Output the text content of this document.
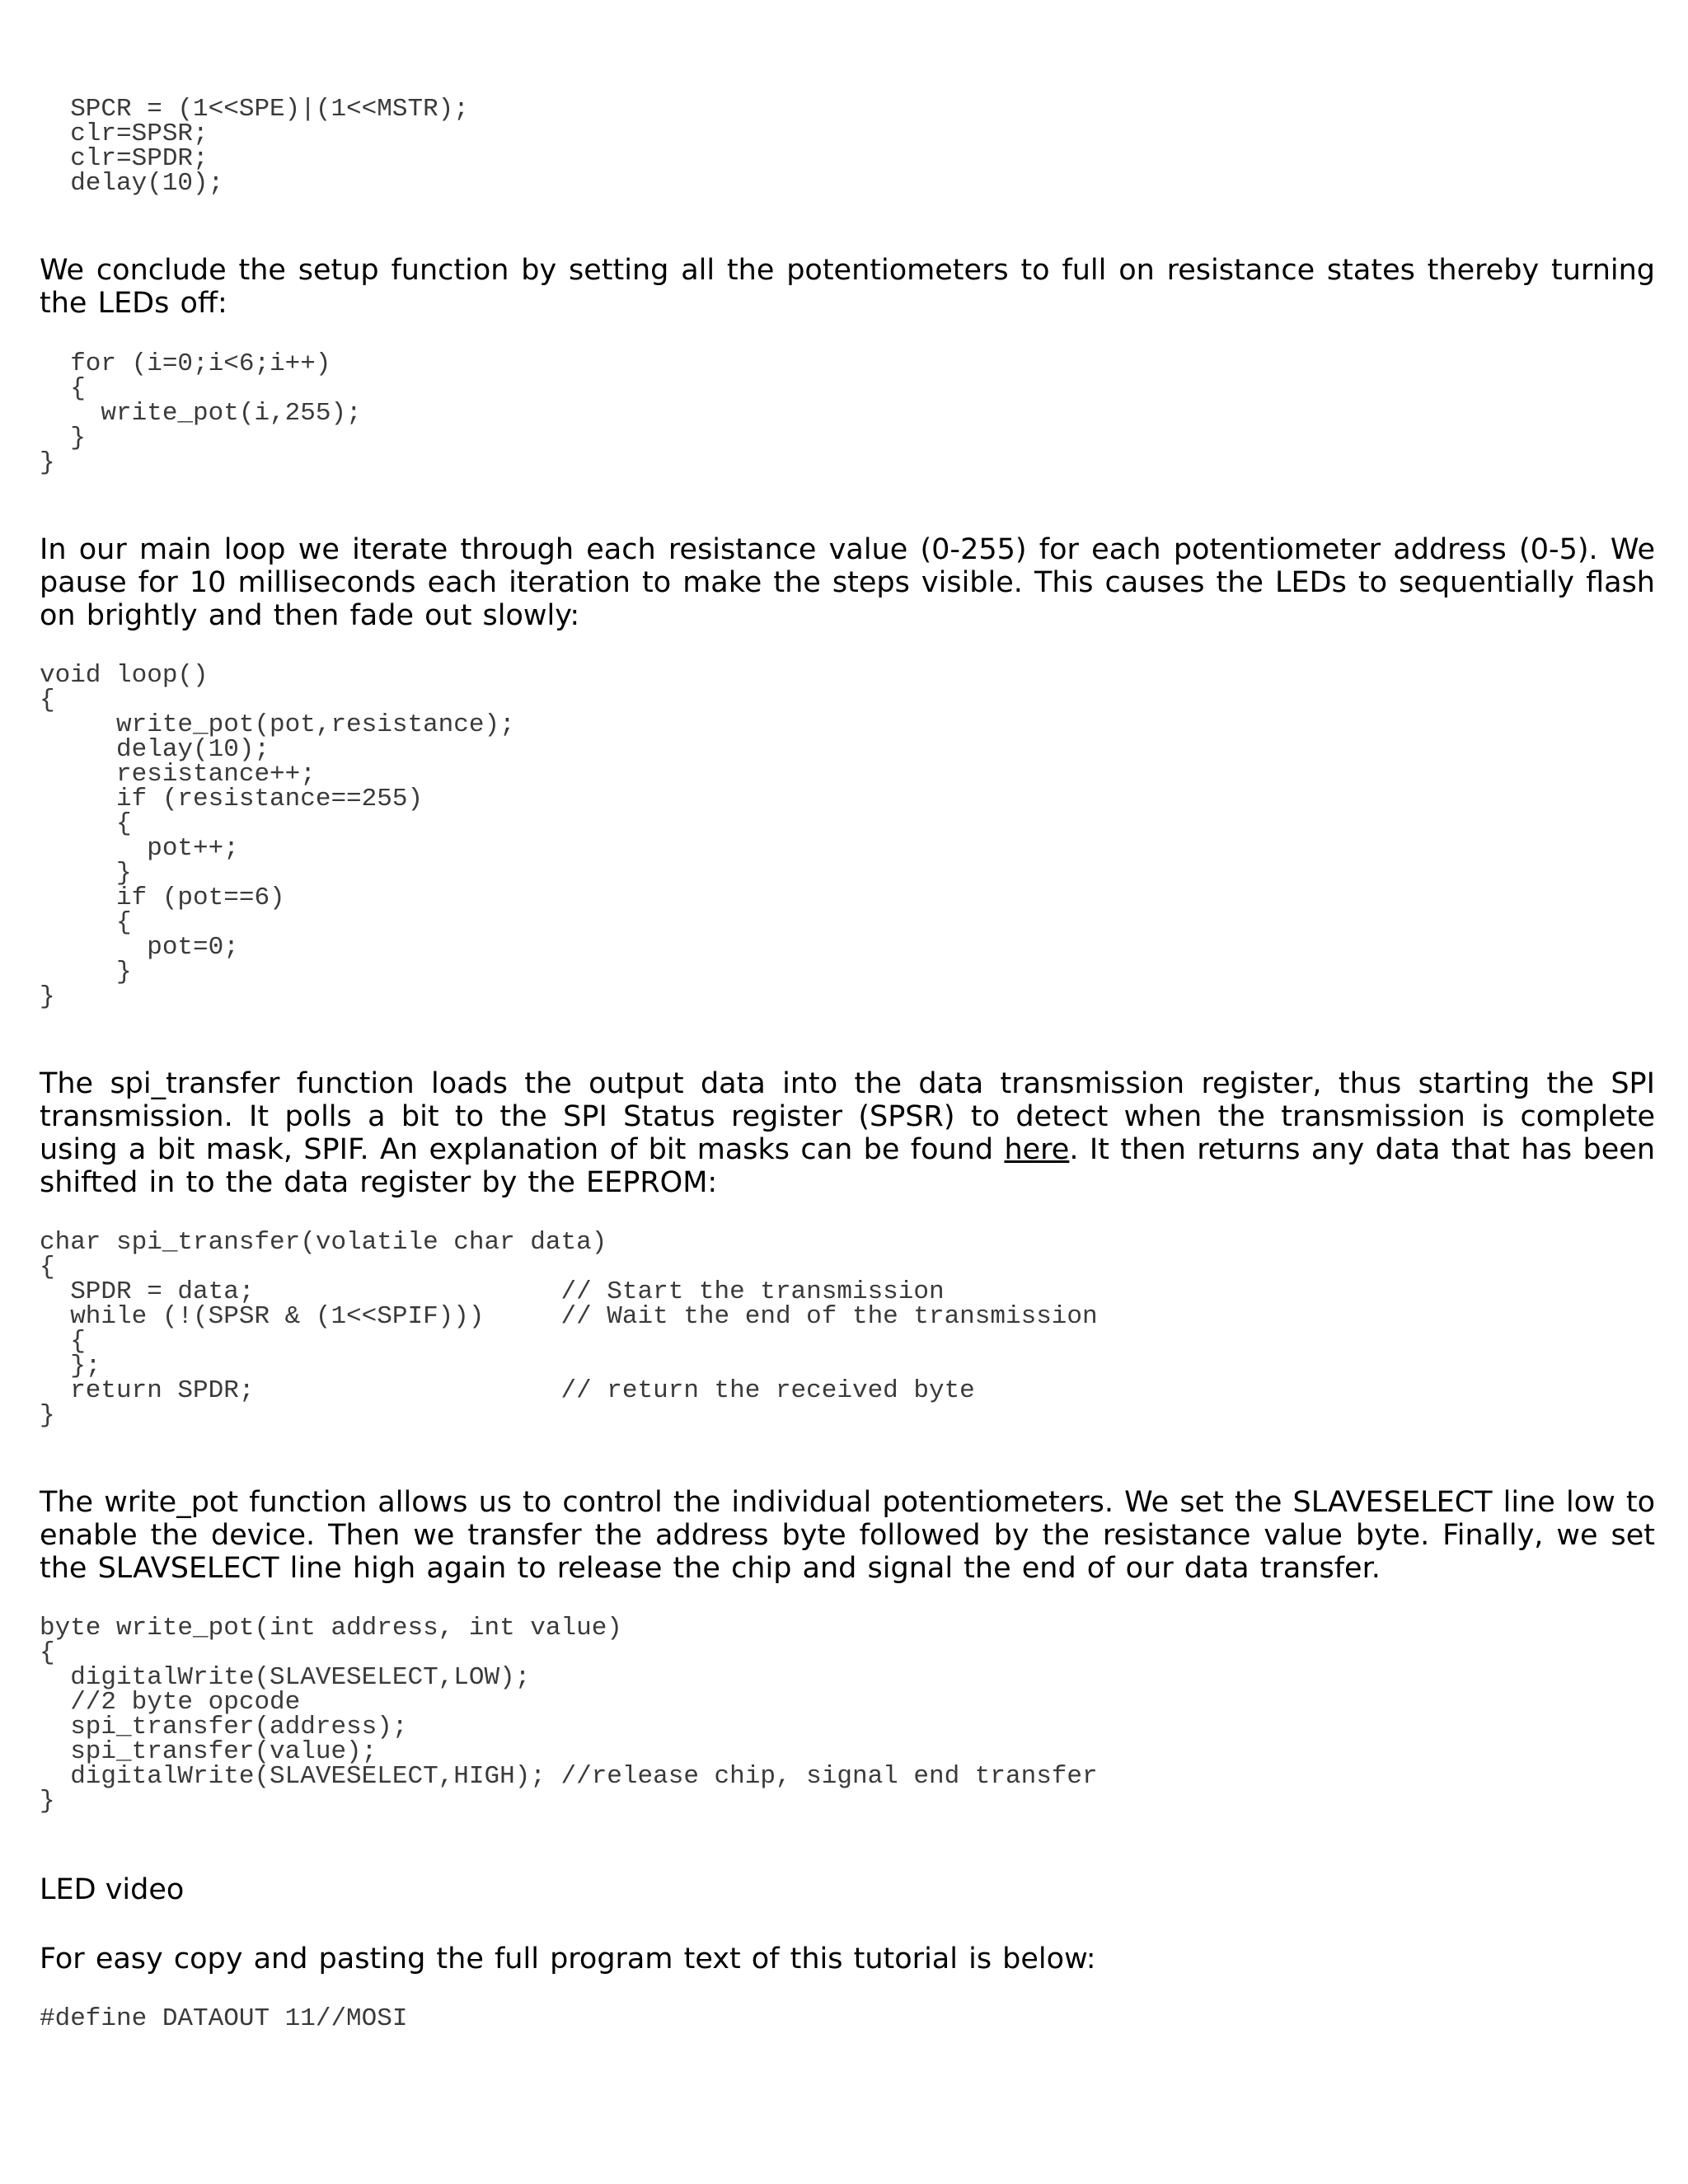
SPCR = (1<<SPE)|(1<<MSTR);
clr=SPSR;
clr=SPDR;
delay(10);

We conclude the setup function by setting all the potentiometers to full on resistance states thereby turning the LEDs off:

for (i=0;i<6;i++)
{
write_pot(i,255);
}
}

In our main loop we iterate through each resistance value (0-255) for each potentiometer address (0-5). We pause for 10 milliseconds each iteration to make the steps visible. This causes the LEDs to sequentially flash on brightly and then fade out slowly:

void loop()
{
write_pot(pot,resistance);
delay(10);
resistance++;
if (resistance==255)
{
pot++;
}
if (pot==6)
{
pot=0;
}
}

The spi_transfer function loads the output data into the data transmission register, thus starting the SPI transmission. It polls a bit to the SPI Status register (SPSR) to detect when the transmission is complete using a bit mask, SPIF. An explanation of bit masks can be found here. It then returns any data that has been shifted in to the data register by the EEPROM:

char spi_transfer(volatile char data)
{
SPDR = data;                    // Start the transmission
while (!(SPSR & (1<<SPIF)))     // Wait the end of the transmission
{
};
return SPDR;                    // return the received byte
}

The write_pot function allows us to control the individual potentiometers. We set the SLAVESELECT line low to enable the device. Then we transfer the address byte followed by the resistance value byte. Finally, we set the SLAVSELECT line high again to release the chip and signal the end of our data transfer.

byte write_pot(int address, int value)
{
digitalWrite(SLAVESELECT,LOW);
//2 byte opcode
spi_transfer(address);
spi_transfer(value);
digitalWrite(SLAVESELECT,HIGH); //release chip, signal end transfer
}

LED video

For easy copy and pasting the full program text of this tutorial is below:

#define DATAOUT 11//MOSI
